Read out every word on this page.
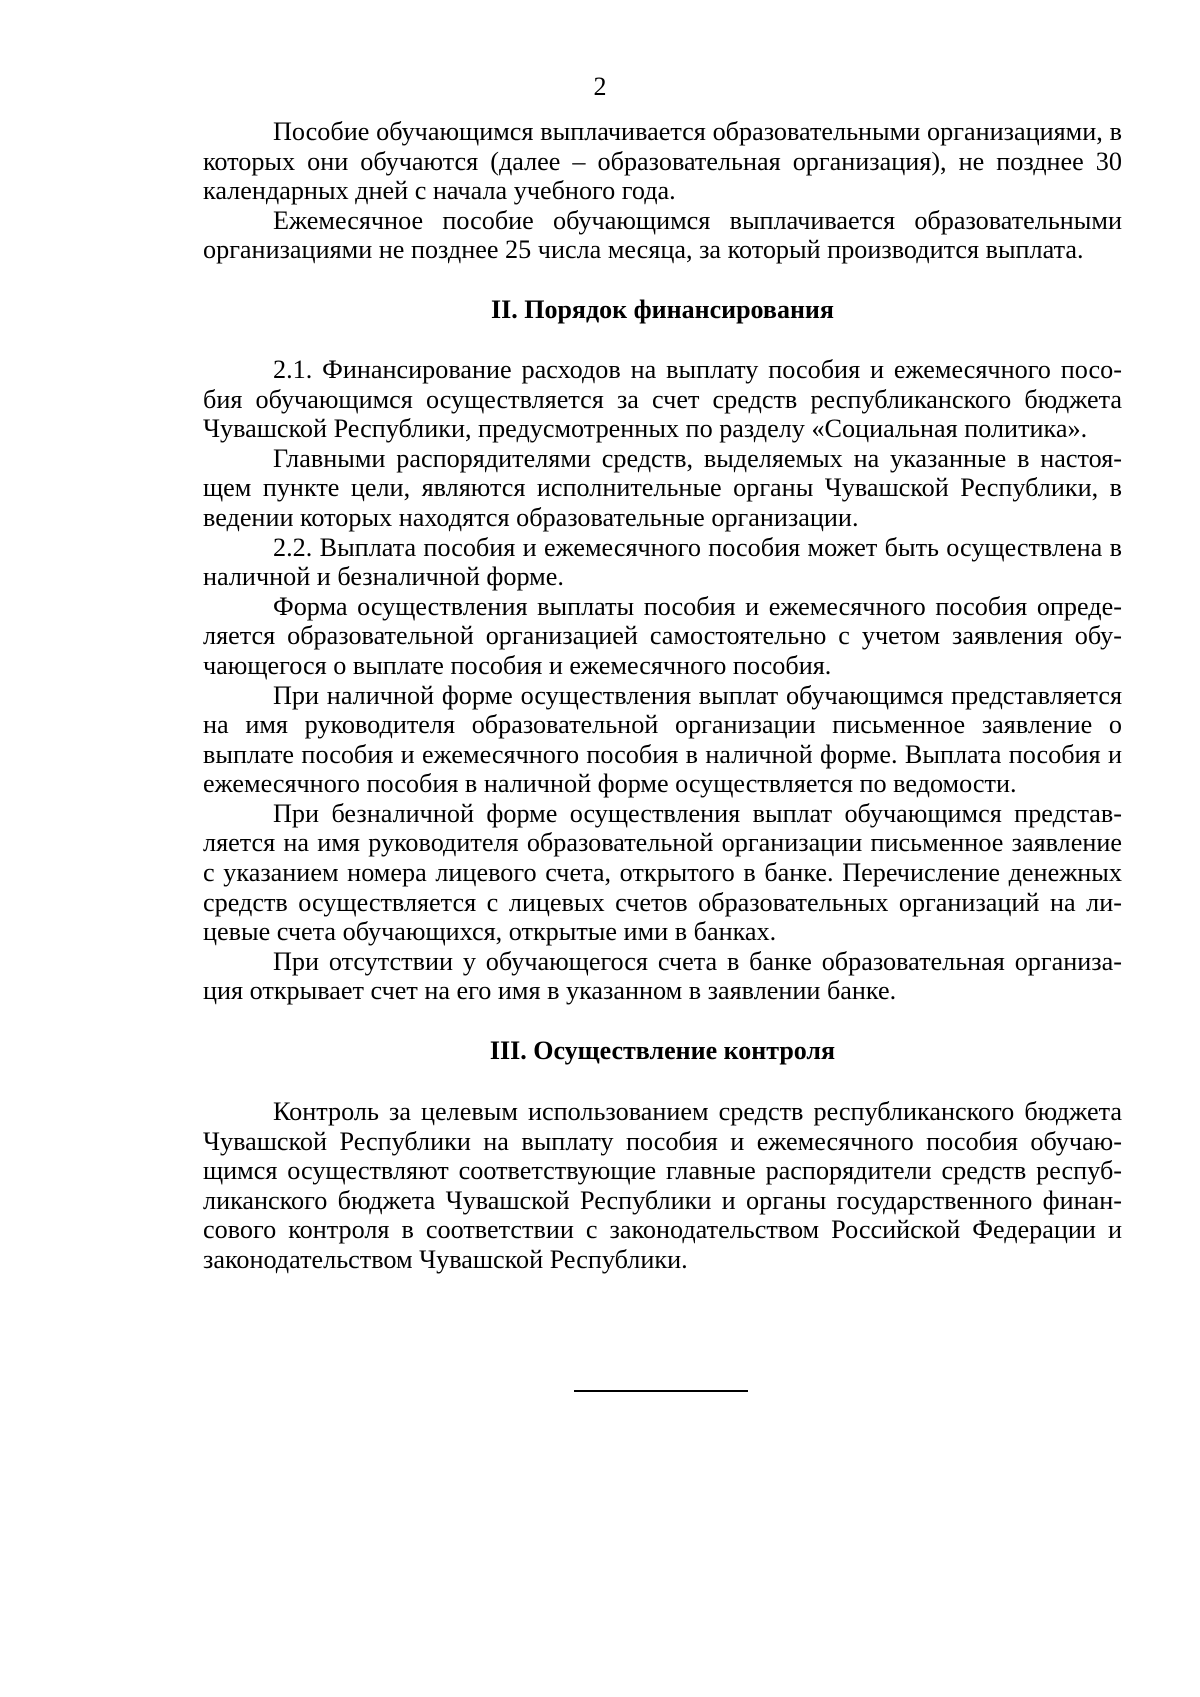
2

Пособие обучающимся выплачивается образовательными организациями, в которых они обучаются (далее – образовательная организация), не позднее 30 календарных дней с начала учебного года.

Ежемесячное пособие обучающимся выплачивается образовательными организациями не позднее 25 числа месяца, за который производится выплата.

II. Порядок финансирования

2.1. Финансирование расходов на выплату пособия и ежемесячного пособия обучающимся осуществляется за счет средств республиканского бюджета Чувашской Республики, предусмотренных по разделу «Социальная политика».

Главными распорядителями средств, выделяемых на указанные в настоящем пункте цели, являются исполнительные органы Чувашской Республики, в ведении которых находятся образовательные организации.

2.2. Выплата пособия и ежемесячного пособия может быть осуществлена в наличной и безналичной форме.

Форма осуществления выплаты пособия и ежемесячного пособия определяется образовательной организацией самостоятельно с учетом заявления обучающегося о выплате пособия и ежемесячного пособия.

При наличной форме осуществления выплат обучающимся представляется на имя руководителя образовательной организации письменное заявление о выплате пособия и ежемесячного пособия в наличной форме. Выплата пособия и ежемесячного пособия в наличной форме осуществляется по ведомости.

При безналичной форме осуществления выплат обучающимся представляется на имя руководителя образовательной организации письменное заявление с указанием номера лицевого счета, открытого в банке. Перечисление денежных средств осуществляется с лицевых счетов образовательных организаций на лицевые счета обучающихся, открытые ими в банках.

При отсутствии у обучающегося счета в банке образовательная организация открывает счет на его имя в указанном в заявлении банке.

III. Осуществление контроля

Контроль за целевым использованием средств республиканского бюджета Чувашской Республики на выплату пособия и ежемесячного пособия обучающимся осуществляют соответствующие главные распорядители средств республиканского бюджета Чувашской Республики и органы государственного финансового контроля в соответствии с законодательством Российской Федерации и законодательством Чувашской Республики.
